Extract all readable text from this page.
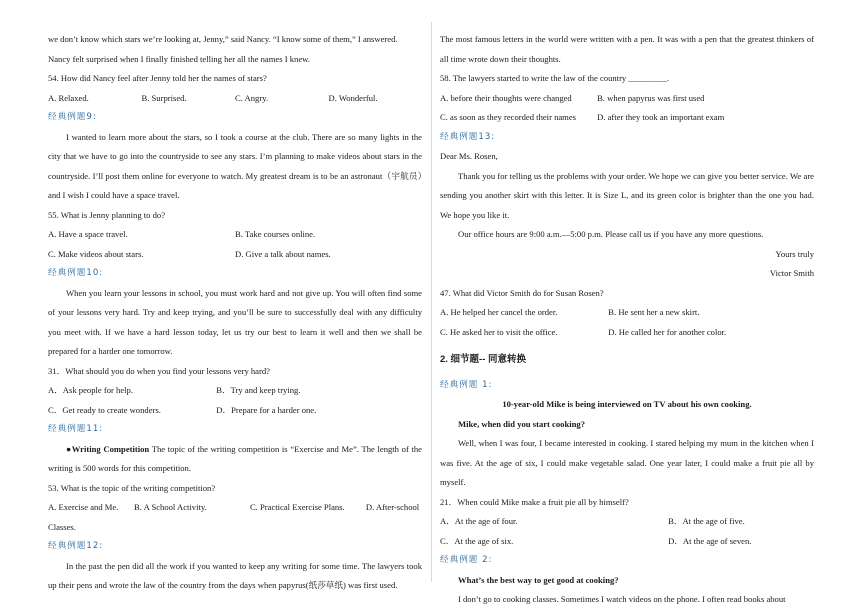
we don’t know which stars we’re looking at, Jenny,” said Nancy. “I know some of them,” I answered.

Nancy felt surprised when I finally finished telling her all the names I knew.

54. How did Nancy feel after Jenny told her the names of stars?

A. Relaxed.	B. Surprised.	C. Angry.	D. Wonderful.

经典例题9:

I wanted to learn more about the stars, so I took a course at the club. There are so many lights in the city that we have to go into the countryside to see any stars. I’m planning to make videos about stars in the countryside. I’ll post them online for everyone to watch. My greatest dream is to be an astronaut（宇航员）and I wish I could have a space travel.

55. What is Jenny planning to do?

A. Have a space travel.	B. Take courses online.
C. Make videos about stars.	D. Give a talk about names.

经典例题10:

When you learn your lessons in school, you must work hard and not give up. You will often find some of your lessons very hard. Try and keep trying, and you’ll be sure to successfully deal with any difficulty you meet with. If we have a hard lesson today, let us try our best to learn it well and then we shall be prepared for a harder one tomorrow.

31．What should you do when you find your lessons very hard?

A．Ask people for help.	B．Try and keep trying.
C．Get ready to create wonders.	D．Prepare for a harder one.

经典例题11:

●Writing Competition The topic of the writing competition is “Exercise and Me”. The length of the writing is 500 words for this competition.

53. What is the topic of the writing competition?

A. Exercise and Me.	B. A School Activity.	C. Practical Exercise Plans.	D. After-school

Classes.

经典例题12:

In the past the pen did all the work if you wanted to keep any writing for some time. The lawyers took up their pens and wrote the law of the country from the days when papyrus(纸莎草纸) was first used.

The most famous letters in the world were written with a pen. It was with a pen that the greatest thinkers of all time wrote down their thoughts.

58. The lawyers started to write the law of the country _________.

A. before their thoughts were changed	B. when papyrus was first used
C. as soon as they recorded their names	D. after they took an important exam

经典例题13:

Dear Ms. Rosen,

Thank you for telling us the problems with your order. We hope we can give you better service. We are sending you another skirt with this letter. It is Size L, and its green color is brighter than the one you had. We hope you like it.

Our office hours are 9:00 a.m.—5:00 p.m. Please call us if you have any more questions.

Yours truly

Victor Smith

47. What did Victor Smith do for Susan Rosen?

A. He helped her cancel the order.	B. He sent her a new skirt.
C. He asked her to visit the office.	D. He called her for another color.

2. 细节题-- 同意转换

经典例题 1:

10-year-old Mike is being interviewed on TV about his own cooking.

Mike, when did you start cooking?

Well, when I was four, I became interested in cooking. I stared helping my mum in the kitchen when I was five. At the age of six, I could make vegetable salad. One year later, I could make a fruit pie all by myself.

21．When could Mike make a fruit pie all by himself?

A．At the age of four.	B．At the age of five.
C．At the age of six.	D．At the age of seven.

经典例题 2:

What’s the best way to get good at cooking?

I don’t go to cooking classes. Sometimes I watch videos on the phone. I often read books about
